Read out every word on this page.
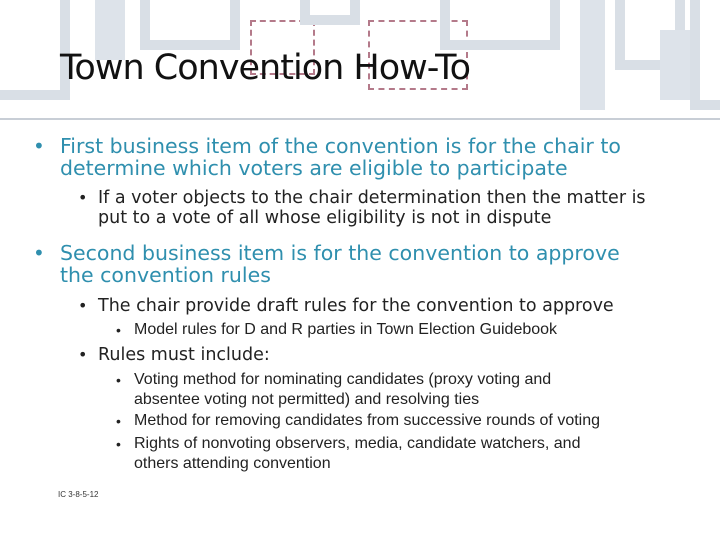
Town Convention How-To
• First business item of the convention is for the chair to
determine which voters are eligible to participate
• If a voter objects to the chair determination then the matter is
put to a vote of all whose eligibility is not in dispute
• Second business item is for the convention to approve
the convention rules
• The chair provide draft rules for the convention to approve
• Model rules for D and R parties in Town Election Guidebook
• Rules must include:
• Voting method for nominating candidates (proxy voting and
absentee voting not permitted) and resolving ties
• Method for removing candidates from successive rounds of voting
• Rights of nonvoting observers, media, candidate watchers, and
others attending convention
IC 3-8-5-12
